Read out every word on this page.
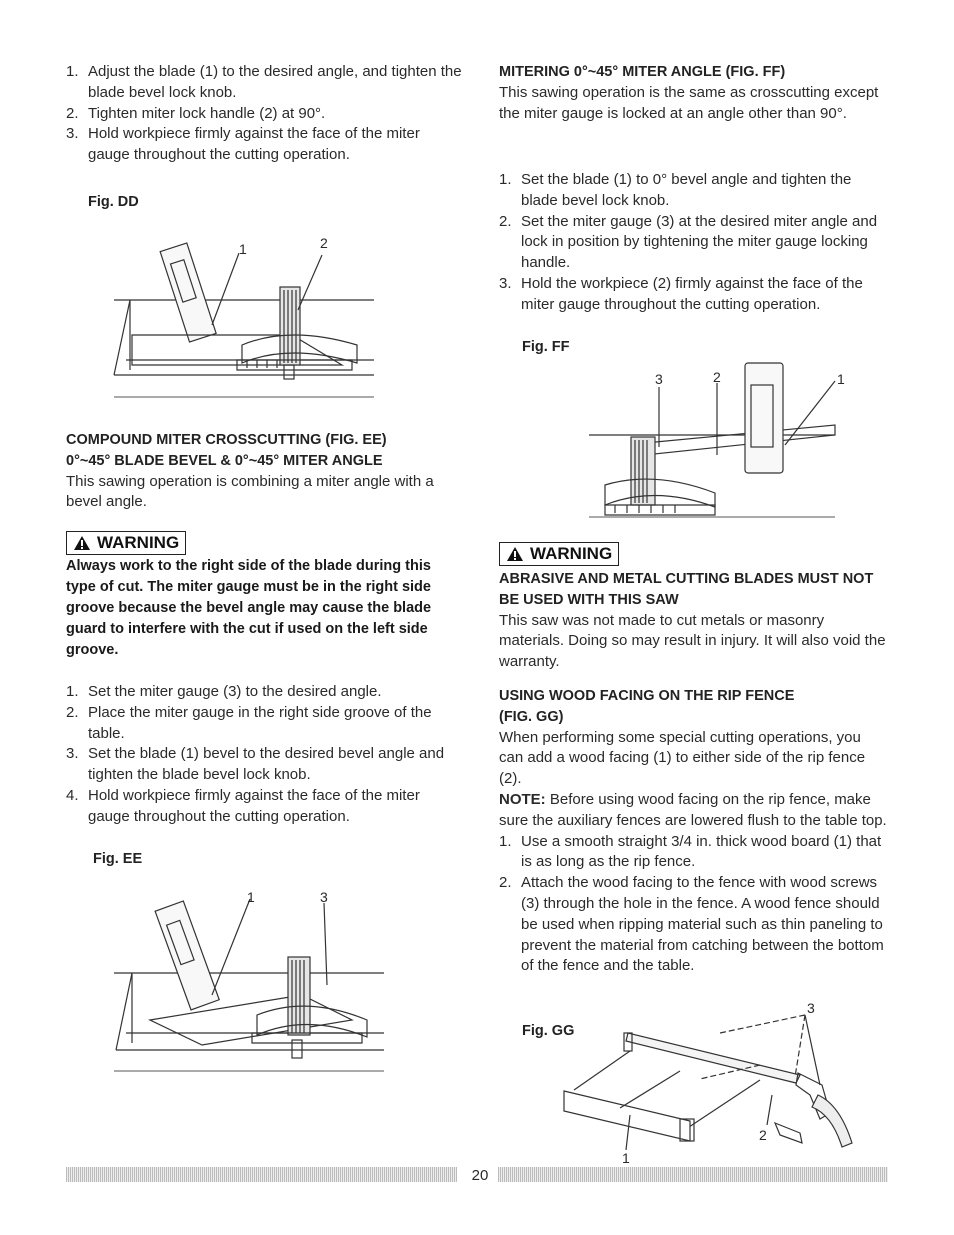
1. Adjust the blade (1) to the desired angle, and tighten the blade bevel lock knob.
2. Tighten miter lock handle (2) at 90°.
3. Hold workpiece firmly against the face of the miter gauge throughout the cutting operation.
Fig. DD
1	2
COMPOUND MITER CROSSCUTTING (FIG. EE)
0°~45° BLADE BEVEL & 0°~45° MITER ANGLE
This sawing operation is combining a miter angle with a bevel angle.
WARNING
Always work to the right side of the blade during this type of cut. The miter gauge must be in the right side groove because the bevel angle may cause the blade guard to interfere with the cut if used on the left side groove.
1. Set the miter gauge (3) to the desired angle.
2. Place the miter gauge in the right side groove of the table.
3. Set the blade (1) bevel to the desired bevel angle and tighten the blade bevel lock knob.
4. Hold workpiece firmly against the face of the miter gauge throughout the cutting operation.
Fig. EE
1	3
MITERING 0°~45° MITER ANGLE (FIG. FF)
This sawing operation is the same as crosscutting except the miter gauge is locked at an angle other than 90°.
1. Set the blade (1) to 0° bevel angle and tighten the blade bevel lock knob.
2. Set the miter gauge (3) at the desired miter angle and lock in position by tightening the miter gauge locking handle.
3. Hold the workpiece (2) firmly against the face of the miter gauge throughout the cutting operation.
Fig. FF
3	2	1
WARNING
ABRASIVE AND METAL CUTTING BLADES MUST NOT BE USED WITH THIS SAW
This saw was not made to cut metals or masonry materials. Doing so may result in injury. It will also void the warranty.
USING WOOD FACING ON THE RIP FENCE
(FIG. GG)
When performing some special cutting operations, you can add a wood facing (1) to either side of the rip fence (2).
NOTE: Before using wood facing on the rip fence, make sure the auxiliary fences are lowered flush to the table top.
1. Use a smooth straight 3/4 in. thick wood board (1) that is as long as the rip fence.
2. Attach the wood facing to the fence with wood screws (3) through the hole in the fence. A wood fence should be used when ripping material such as thin paneling to prevent the material from catching between the bottom of the fence and the table.
Fig. GG
3
2
1
20
